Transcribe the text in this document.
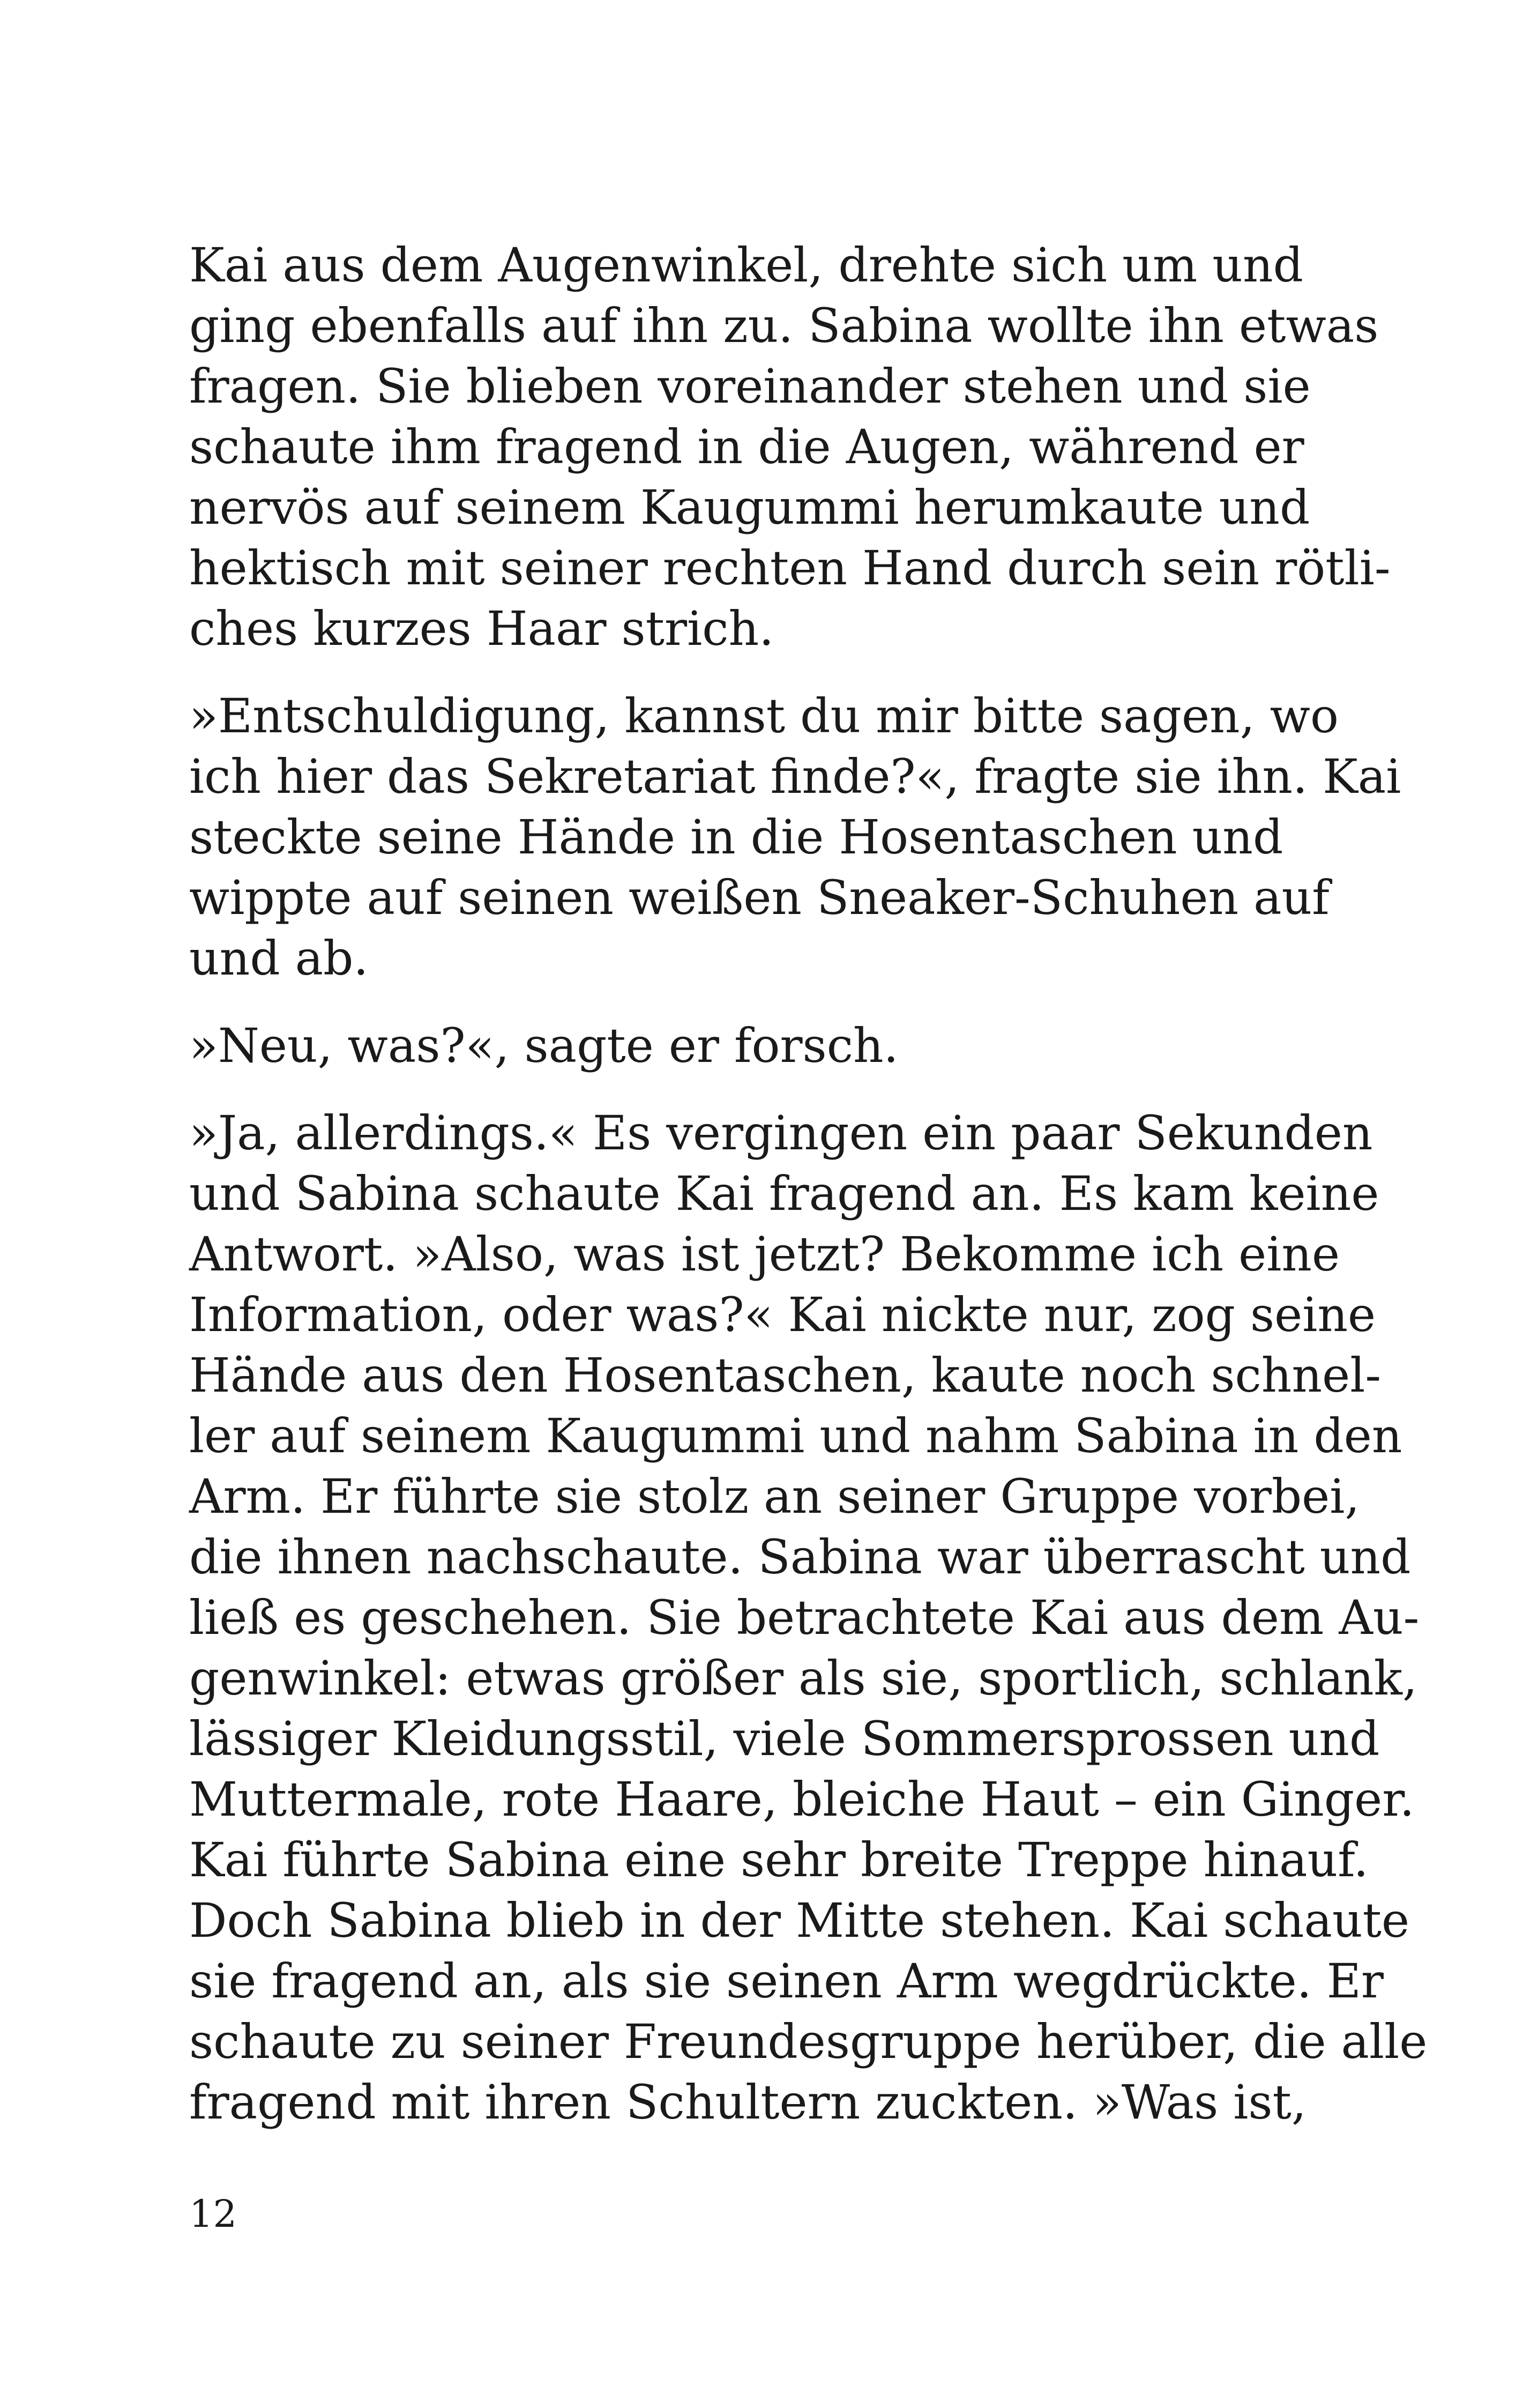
Kai aus dem Augenwinkel, drehte sich um und
ging ebenfalls auf ihn zu. Sabina wollte ihn etwas
fragen. Sie blieben voreinander stehen und sie
schaute ihm fragend in die Augen, während er
nervös auf seinem Kaugummi herumkaute und
hektisch mit seiner rechten Hand durch sein rötli-
ches kurzes Haar strich.
»Entschuldigung, kannst du mir bitte sagen, wo
ich hier das Sekretariat finde?«, fragte sie ihn. Kai
steckte seine Hände in die Hosentaschen und
wippte auf seinen weißen Sneaker-Schuhen auf
und ab.
»Neu, was?«, sagte er forsch.
»Ja, allerdings.« Es vergingen ein paar Sekunden
und Sabina schaute Kai fragend an. Es kam keine
Antwort. »Also, was ist jetzt? Bekomme ich eine
Information, oder was?« Kai nickte nur, zog seine
Hände aus den Hosentaschen, kaute noch schnel-
ler auf seinem Kaugummi und nahm Sabina in den
Arm. Er führte sie stolz an seiner Gruppe vorbei,
die ihnen nachschaute. Sabina war überrascht und
ließ es geschehen. Sie betrachtete Kai aus dem Au-
genwinkel: etwas größer als sie, sportlich, schlank,
lässiger Kleidungsstil, viele Sommersprossen und
Muttermale, rote Haare, bleiche Haut – ein Ginger.
Kai führte Sabina eine sehr breite Treppe hinauf.
Doch Sabina blieb in der Mitte stehen. Kai schaute
sie fragend an, als sie seinen Arm wegdrückte. Er
schaute zu seiner Freundesgruppe herüber, die alle
fragend mit ihren Schultern zuckten. »Was ist,
12
